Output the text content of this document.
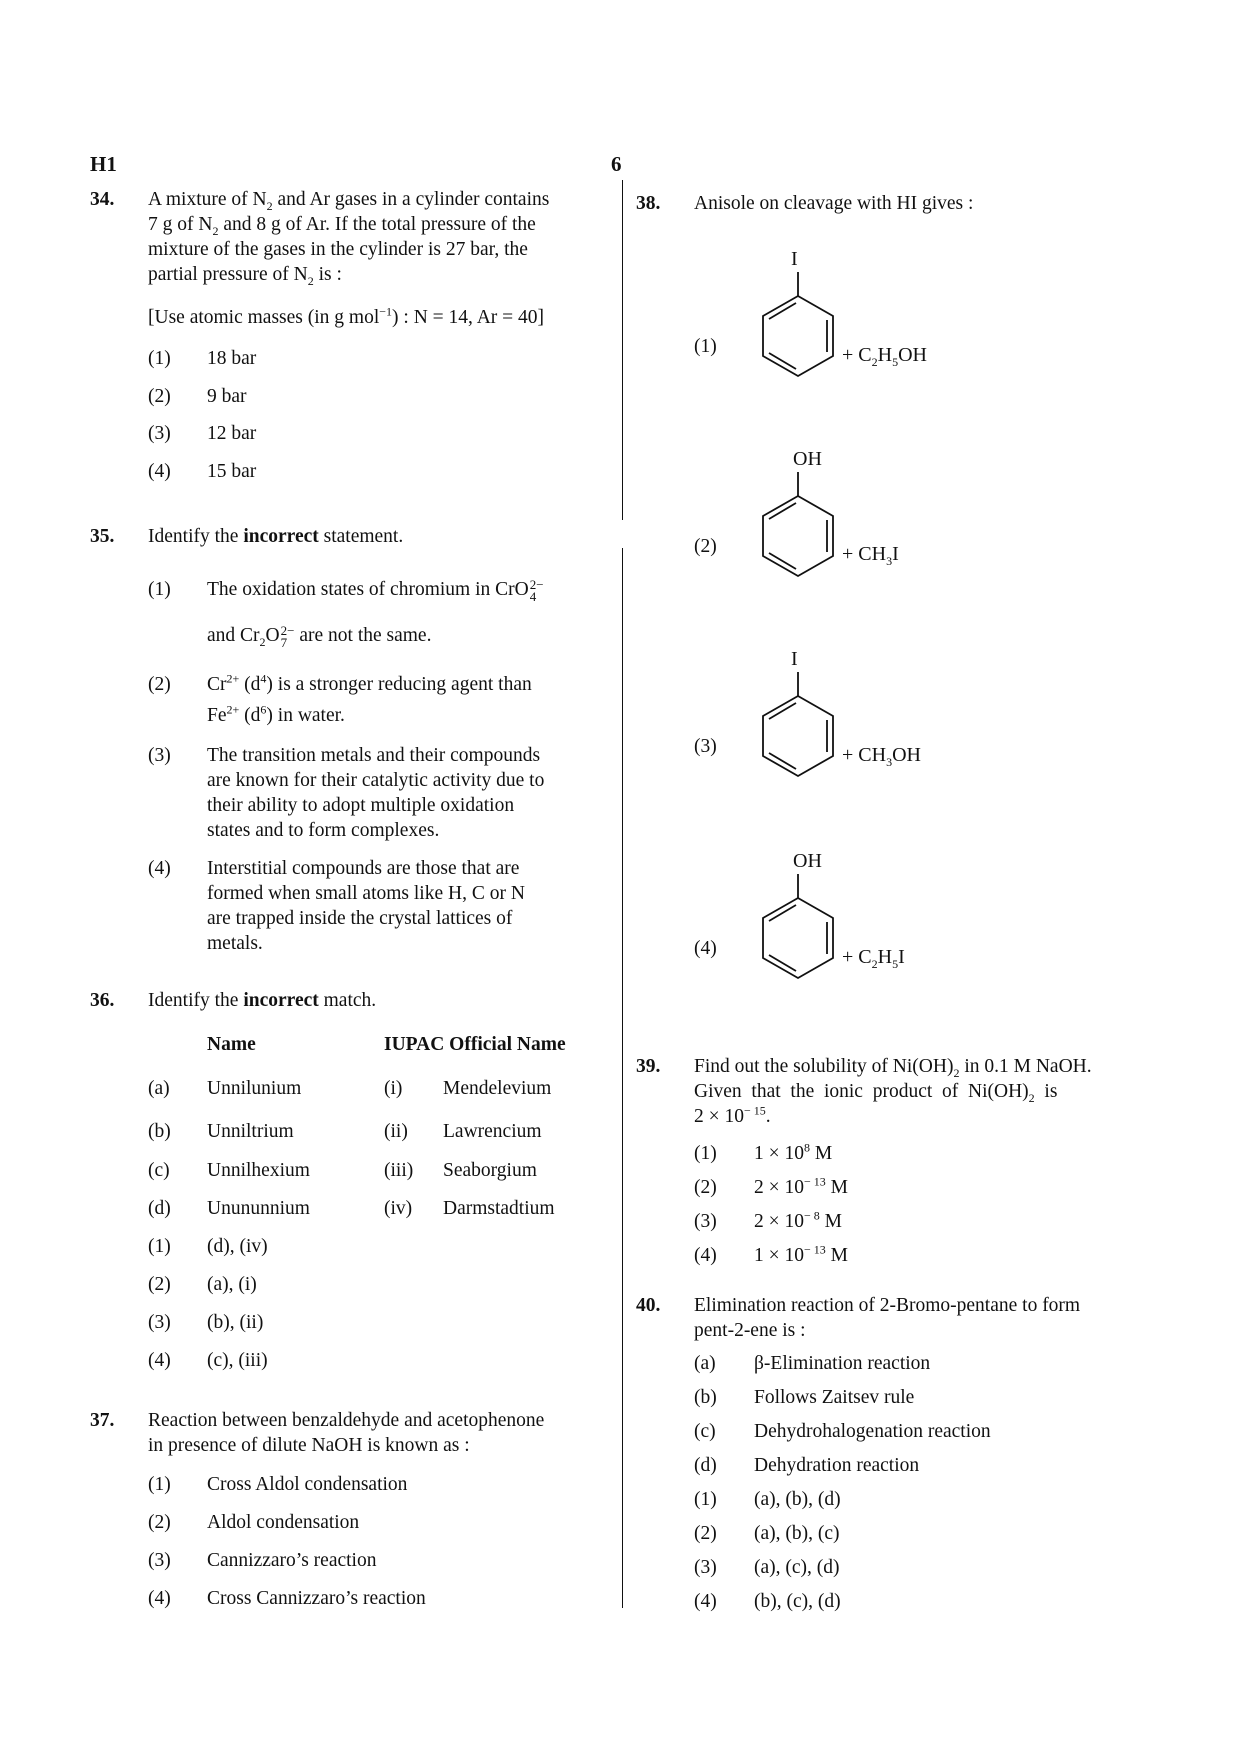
H1	6
34. A mixture of $N_2$ and Ar gases in a cylinder contains
7 g of $N_2$ and 8 g of Ar. If the total pressure of the
mixture of the gases in the cylinder is 27 bar, the
partial pressure of $N_2$ is :
[Use atomic masses (in g mol$^{-1}$) : N = 14, Ar = 40]
(1) 18 bar
(2) 9 bar
(3) 12 bar
(4) 15 bar
35. Identify the incorrect statement.
(1) The oxidation states of chromium in CrO 2−
4
and $Cr_2O$ 2−
7 are not the same.
(2) $Cr^{2+}$ $(d^4)$ is a stronger reducing agent than
$Fe^{2+}$ $(d^6)$ in water.
(3) The transition metals and their compounds
are known for their catalytic activity due to
their ability to adopt multiple oxidation
states and to form complexes.
(4) Interstitial compounds are those that are
formed when small atoms like H, C or N
are trapped inside the crystal lattices of
metals.
36. Identify the incorrect match.
Name	IUPAC Official Name
(a) Unnilunium	(i) Mendelevium
(b) Unniltrium	(ii) Lawrencium
(c) Unnilhexium	(iii) Seaborgium
(d) Unununnium	(iv) Darmstadtium
(1) (d), (iv)
(2) (a), (i)
(3) (b), (ii)
(4) (c), (iii)
37. Reaction between benzaldehyde and acetophenone
in presence of dilute NaOH is known as :
(1) Cross Aldol condensation
(2) Aldol condensation
(3) Cannizzaro’s reaction
(4) Cross Cannizzaro’s reaction
38. Anisole on cleavage with HI gives :
(1)
I
+ $C_2H_5OH$
(2)
OH
+ $CH_3I$
(3)
I
+ $CH_3OH$
(4)
OH
+ $C_2H_5I$
39. Find out the solubility of $Ni(OH)_2$ in 0.1 M NaOH.
Given  that  the  ionic  product  of  $Ni(OH)_2$  is
$2 \times 10^{- 15}$.
(1) $1 \times 10^8$ M
(2) $2 \times 10^{- 13}$ M
(3) $2 \times 10^{- 8}$ M
(4) $1 \times 10^{- 13}$ M
40. Elimination reaction of 2-Bromo-pentane to form
pent-2-ene is :
(a) β-Elimination reaction
(b) Follows Zaitsev rule
(c) Dehydrohalogenation reaction
(d) Dehydration reaction
(1) (a), (b), (d)
(2) (a), (b), (c)
(3) (a), (c), (d)
(4) (b), (c), (d)
